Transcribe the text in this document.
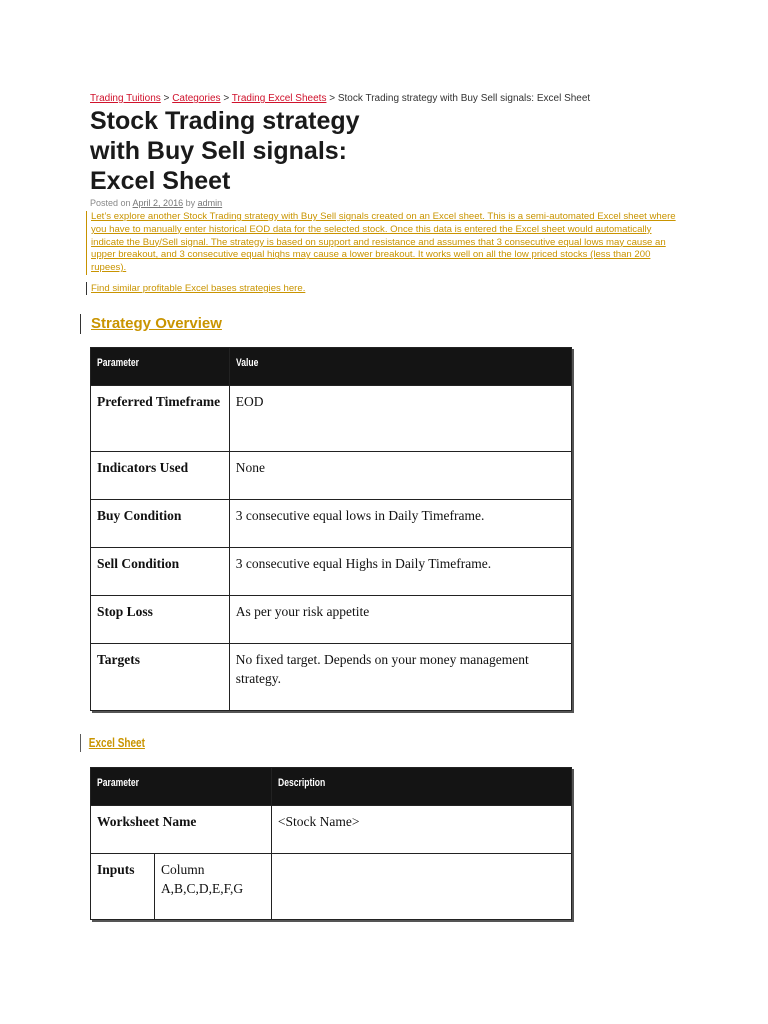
Trading Tuitions > Categories > Trading Excel Sheets > Stock Trading strategy with Buy Sell signals: Excel Sheet
Stock Trading strategy
with Buy Sell signals:
Excel Sheet
Posted on April 2, 2016 by admin
Let’s explore another Stock Trading strategy with Buy Sell signals created on an Excel sheet. This is a semi-automated Excel sheet where you have to manually enter historical EOD data for the selected stock. Once this data is entered the Excel sheet would automatically indicate the Buy/Sell signal. The strategy is based on support and resistance and assumes that 3 consecutive equal lows may cause an upper breakout, and 3 consecutive equal highs may cause a lower breakout. It works well on all the low priced stocks (less than 200 rupees).
Find similar profitable Excel bases strategies here.
Strategy Overview
Parameter	Value
Preferred Timeframe	EOD
Indicators Used	None
Buy Condition	3 consecutive equal lows in Daily Timeframe.
Sell Condition	3 consecutive equal Highs in Daily Timeframe.
Stop Loss	As per your risk appetite
Targets	No fixed target. Depends on your money management strategy.
Excel Sheet
Parameter		Description
Worksheet Name		<Stock Name>
Inputs	Column A,B,C,D,E,F,G	
